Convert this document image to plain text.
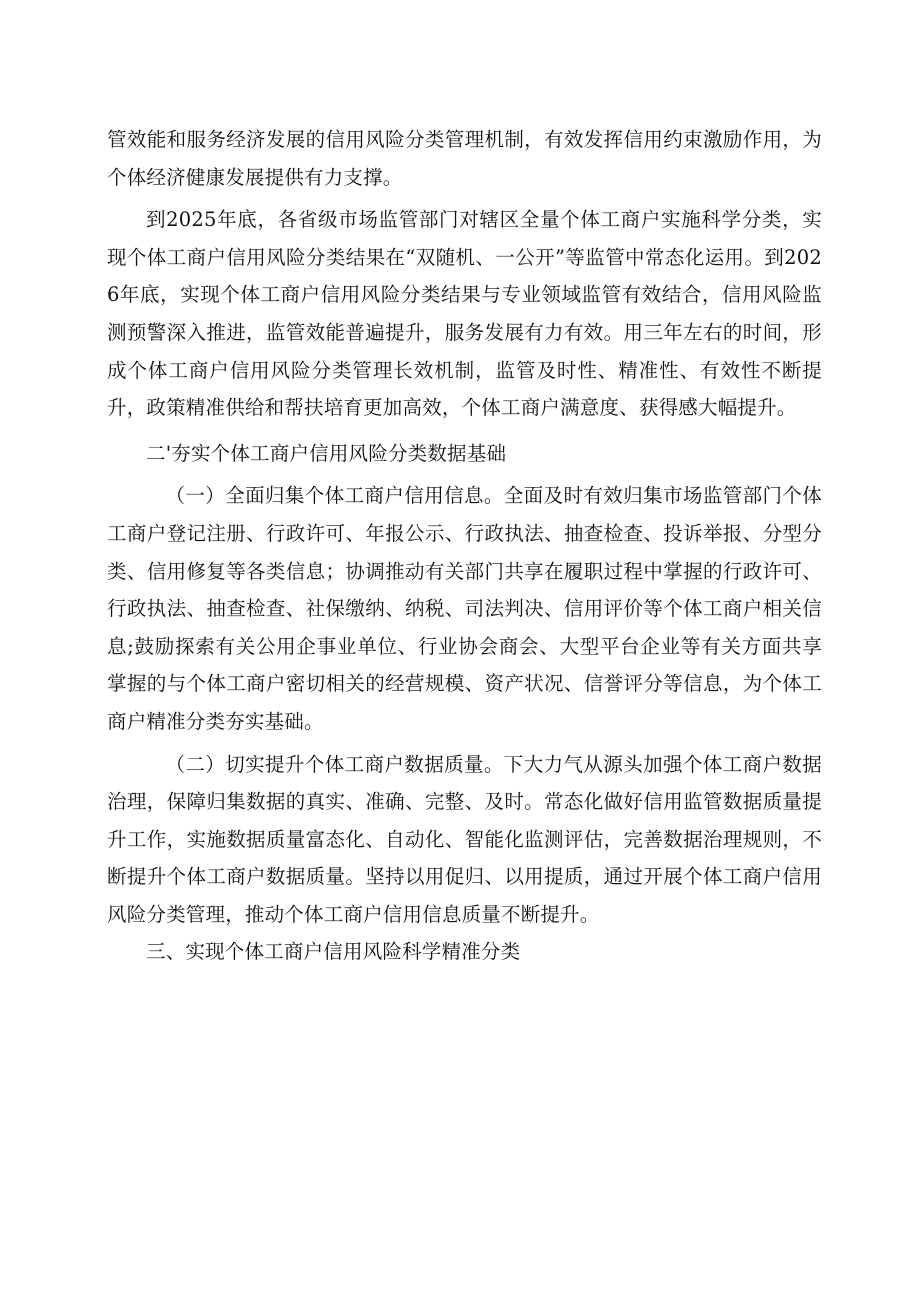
管效能和服务经济发展的信用风险分类管理机制，有效发挥信用约束激励作用，为个体经济健康发展提供有力支撑。

到2025年底，各省级市场监管部门对辖区全量个体工商户实施科学分类，实现个体工商户信用风险分类结果在“双随机、一公开”等监管中常态化运用。到2026年底，实现个体工商户信用风险分类结果与专业领域监管有效结合，信用风险监测预警深入推进，监管效能普遍提升，服务发展有力有效。用三年左右的时间，形成个体工商户信用风险分类管理长效机制，监管及时性、精准性、有效性不断提升，政策精准供给和帮扶培育更加高效，个体工商户满意度、获得感大幅提升。

二'夯实个体工商户信用风险分类数据基础

（一）全面归集个体工商户信用信息。全面及时有效归集市场监管部门个体工商户登记注册、行政许可、年报公示、行政执法、抽查检查、投诉举报、分型分类、信用修复等各类信息；协调推动有关部门共享在履职过程中掌握的行政许可、行政执法、抽查检查、社保缴纳、纳税、司法判决、信用评价等个体工商户相关信息;鼓励探索有关公用企事业单位、行业协会商会、大型平台企业等有关方面共享掌握的与个体工商户密切相关的经营规模、资产状况、信誉评分等信息，为个体工商户精准分类夯实基础。

（二）切实提升个体工商户数据质量。下大力气从源头加强个体工商户数据治理，保障归集数据的真实、准确、完整、及时。常态化做好信用监管数据质量提升工作，实施数据质量富态化、自动化、智能化监测评估，完善数据治理规则，不断提升个体工商户数据质量。坚持以用促归、以用提质，通过开展个体工商户信用风险分类管理，推动个体工商户信用信息质量不断提升。

三、实现个体工商户信用风险科学精准分类
